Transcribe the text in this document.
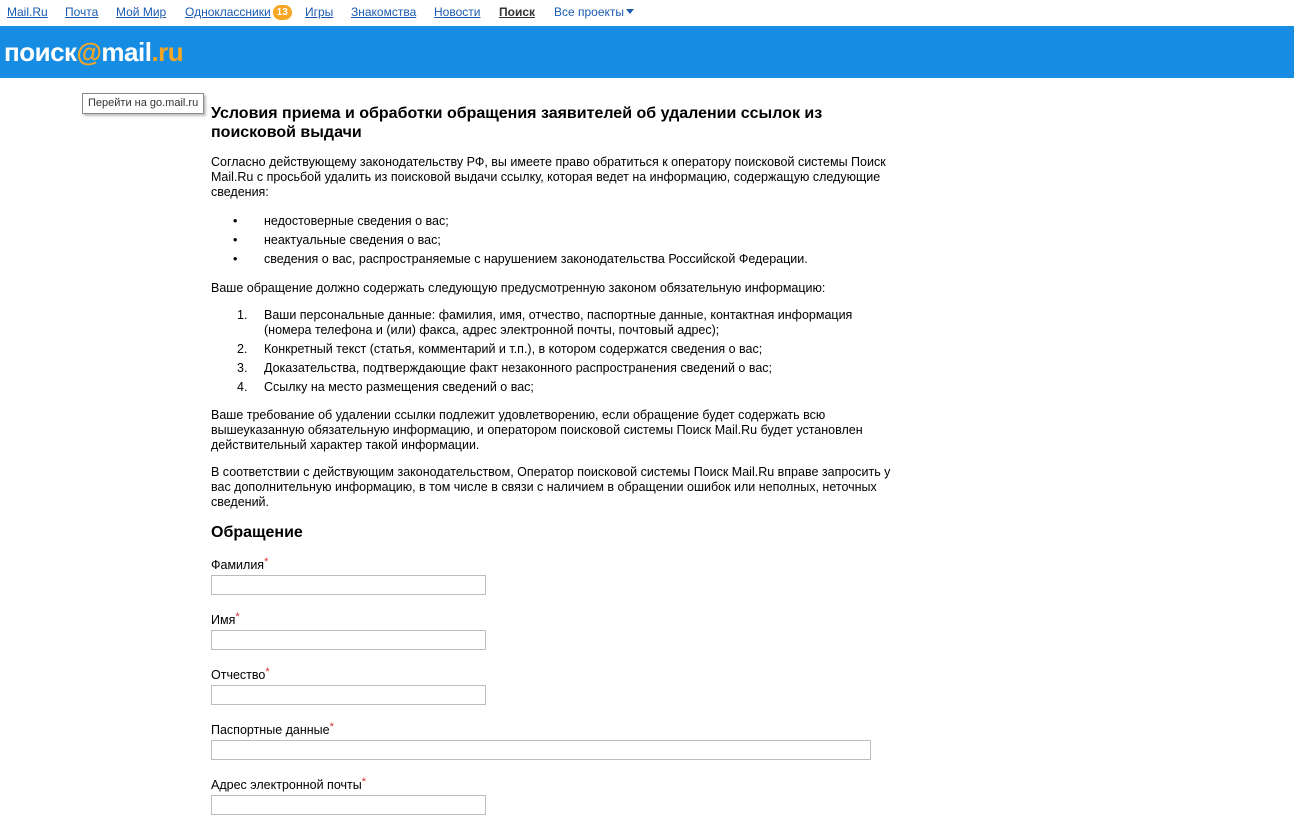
Mail.Ru Почта Мой Мир Одноклассники 13	Игры Знакомства Новости Поиск Все проекты
поиск@mail.ru
Перейти на go.mail.ru
Условия приема и обработки обращения заявителей об удалении ссылок из поисковой выдачи

Согласно действующему законодательству РФ, вы имеете право обратиться к оператору поисковой системы Поиск Mail.Ru с просьбой удалить из поисковой выдачи ссылку, которая ведет на информацию, содержащую следующие сведения:

• недостоверные сведения о вас;
• неактуальные сведения о вас;
• сведения о вас, распространяемые с нарушением законодательства Российской Федерации.

Ваше обращение должно содержать следующую предусмотренную законом обязательную информацию:

1. Ваши персональные данные: фамилия, имя, отчество, паспортные данные, контактная информация (номера телефона и (или) факса, адрес электронной почты, почтовый адрес);
2. Конкретный текст (статья, комментарий и т.п.), в котором содержатся сведения о вас;
3. Доказательства, подтверждающие факт незаконного распространения сведений о вас;
4. Ссылку на место размещения сведений о вас;

Ваше требование об удалении ссылки подлежит удовлетворению, если обращение будет содержать всю вышеуказанную обязательную информацию, и оператором поисковой системы Поиск Mail.Ru будет установлен действительный характер такой информации.

В соответствии с действующим законодательством, Оператор поисковой системы Поиск Mail.Ru вправе запросить у вас дополнительную информацию, в том числе в связи с наличием в обращении ошибок или неполных, неточных сведений.

Обращение
Фамилия*
Имя*
Отчество*
Паспортные данные*
Адрес электронной почты*
